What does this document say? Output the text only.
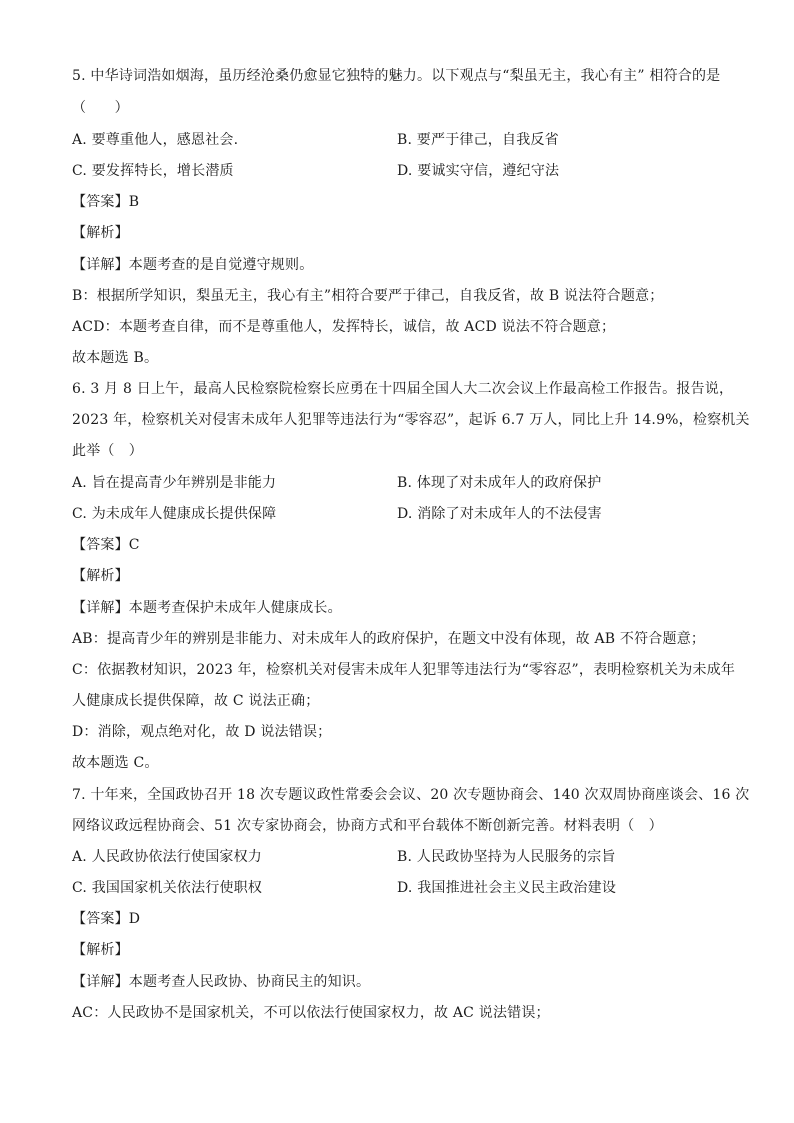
5. 中华诗词浩如烟海，虽历经沧桑仍愈显它独特的魅力。以下观点与“梨虽无主，我心有主” 相符合的是
（　　）
A. 要尊重他人，感恩社会.	B. 要严于律己，自我反省
C. 要发挥特长，增长潜质	D. 要诚实守信，遵纪守法
【答案】B
【解析】
【详解】本题考查的是自觉遵守规则。
B：根据所学知识，梨虽无主，我心有主”相符合要严于律己，自我反省，故 B 说法符合题意；
ACD：本题考查自律，而不是尊重他人，发挥特长，诚信，故 ACD 说法不符合题意；
故本题选 B。
6. 3 月 8 日上午，最高人民检察院检察长应勇在十四届全国人大二次会议上作最高检工作报告。报告说，
2023 年，检察机关对侵害未成年人犯罪等违法行为“零容忍”，起诉 6.7 万人，同比上升 14.9%，检察机关
此举（　）
A. 旨在提高青少年辨别是非能力	B. 体现了对未成年人的政府保护
C. 为未成年人健康成长提供保障	D. 消除了对未成年人的不法侵害
【答案】C
【解析】
【详解】本题考查保护未成年人健康成长。
AB：提高青少年的辨别是非能力、对未成年人的政府保护，在题文中没有体现，故 AB 不符合题意；
C：依据教材知识，2023 年，检察机关对侵害未成年人犯罪等违法行为“零容忍”，表明检察机关为未成年
人健康成长提供保障，故 C 说法正确；
D：消除，观点绝对化，故 D 说法错误；
故本题选 C。
7. 十年来，全国政协召开 18 次专题议政性常委会会议、20 次专题协商会、140 次双周协商座谈会、16 次
网络议政远程协商会、51 次专家协商会，协商方式和平台载体不断创新完善。材料表明（　）
A. 人民政协依法行使国家权力	B. 人民政协坚持为人民服务的宗旨
C. 我国国家机关依法行使职权	D. 我国推进社会主义民主政治建设
【答案】D
【解析】
【详解】本题考查人民政协、协商民主的知识。
AC：人民政协不是国家机关，不可以依法行使国家权力，故 AC 说法错误；
